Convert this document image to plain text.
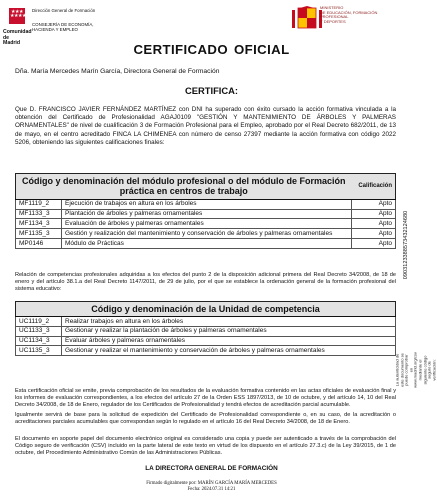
★ ★ ★
★ ★ ★ ★
Comunidad
de Madrid
Dirección General de Formación
CONSEJERÍA DE ECONOMÍA,
HACIENDA Y EMPLEO
MINISTERIO
DE EDUCACIÓN, FORMACIÓN PROFESIONAL
Y DEPORTES
CERTIFICADO OFICIAL
Dña. María Mercedes Marín García, Directora General de Formación
CERTIFICA:

Que D. FRANCISCO JAVIER FERNÁNDEZ MARTÍNEZ con DNI ha superado con éxito cursado la acción formativa vinculada a la obtención del Certificado de Profesionalidad AGAJ0109 "GESTIÓN Y MANTENIMIENTO DE ÁRBOLES Y PALMERAS ORNAMENTALES" de nivel de cualificación 3 de Formación Profesional para el Empleo, aprobado por el Real Decreto 682/2011, de 13 de mayo, en el centro acreditado FINCA LA CHIMENEA con número de censo 27397 mediante la acción formativa con código 2022 5206, obteniendo las siguientes calificaciones finales:

Código y denominación del módulo profesional o del módulo de Formación práctica en centros de trabajo		Calificación
MF1119_2	Ejecución de trabajos en altura en los árboles	Apto
MF1133_3	Plantación de árboles y palmeras ornamentales	Apto
MF1134_3	Evaluación de árboles y palmeras ornamentales	Apto
MF1135_3	Gestión y realización del mantenimiento y conservación de árboles y palmeras ornamentales	Apto
MP0146	Módulo de Prácticas	Apto

Relación de competencias profesionales adquiridas a los efectos del punto 2 de la disposición adicional primera del Real Decreto 34/2008, de 18 de enero y del artículo 38.1.a del Real Decreto 1147/2011, de 29 de julio, por el que se establece la ordenación general de la formación profesional del sistema educativo:

Código y denominación de la Unidad de competencia	
UC1119_2	Realizar trabajos en altura en los árboles
UC1133_3	Gestionar y realizar la plantación de árboles y palmeras ornamentales
UC1134_3	Evaluar árboles y palmeras ornamentales
UC1135_3	Gestionar y realizar el mantenimiento y conservación de árboles y palmeras ornamentales

Esta certificación oficial se emite, previa comprobación de los resultados de la evaluación formativa contenido en las actas oficiales de evaluación final y los informes de evaluación correspondientes, a los efectos del artículo 27 de la Orden ESS 1897/2013, de 10 de octubre, y del artículo 14, 10 del Real Decreto 34/2008, de 18 de Enero, regulador de los Certificados de Profesionalidad y tendrá efectos de acreditación parcial acumulable.

Igualmente servirá de base para la solicitud de expedición del Certificado de Profesionalidad correspondiente o, en su caso, de la acreditación o acreditaciones parciales acumulables que correspondan según lo regulado en el artículo 16 del Real Decreto 34/2008, de 18 de Enero.

El documento en soporte papel del documento electrónico original es considerado una copia y puede ser autenticado a través de la comprobación del Código seguro de verificación (CSV) incluido en la parte lateral de este texto en virtud de los dispuesto en el artículo 27.3.c) de la Ley 39/2015, de 1 de octubre, del Procedimiento Administrativo Común de las Administraciones Públicas.

LA DIRECTORA GENERAL DE FORMACIÓN
Firmado digitalmente por: MARÍN GARCÍA MARÍA MERCEDES
Fecha: 2024.07.31 14:21
0903123388573432124680
La autenticidad de este documento se puede comprobar en www.madrid.org/csv
mediante el siguiente código seguro de verificación:
